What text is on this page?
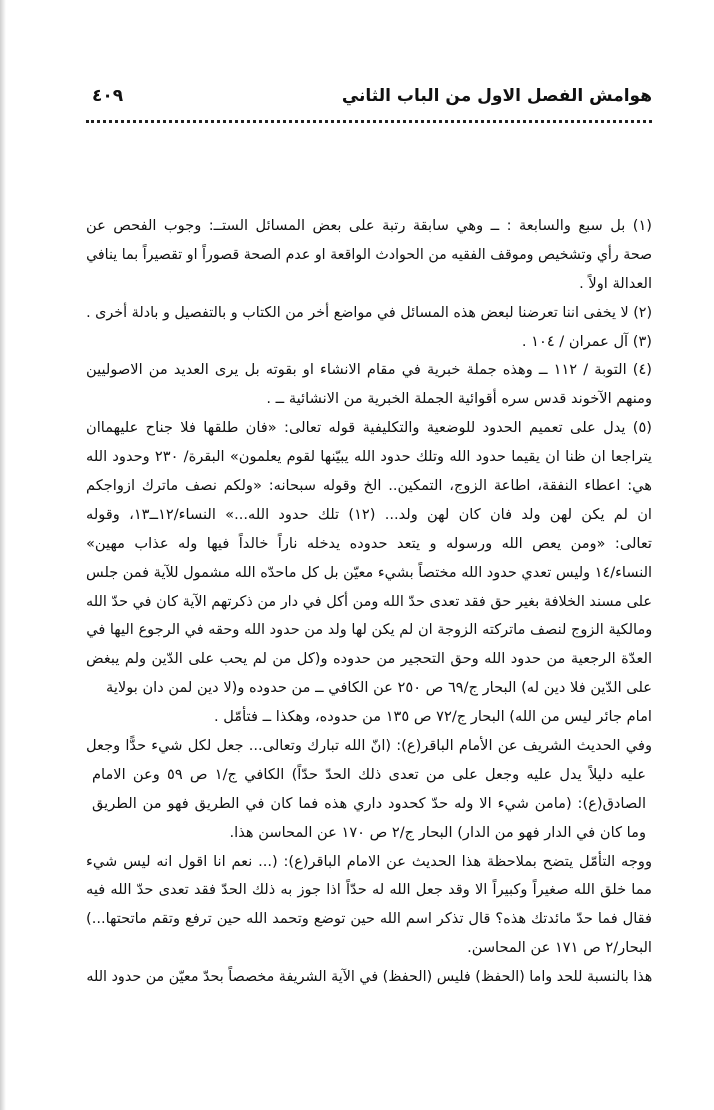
هوامش الفصل الاول من الباب الثاني
٤٠٩
(١) بل سبع والسابعة : ــ وهي سابقة رتبة على بعض المسائل الستــ: وجوب الفحص عن
صحة رأي وتشخيص وموقف الفقيه من الحوادث الواقعة او عدم الصحة قصوراً او تقصيراً بما ينافي
العدالة اولاً .
(٢) لا يخفى اننا تعرضنا لبعض هذه المسائل في مواضع أخر من الكتاب و بالتفصيل و بادلة أخرى .
(٣) آل عمران / ١٠٤ .
(٤) التوبة / ١١٢ ــ وهذه جملة خبرية في مقام الانشاء او بقوته بل يرى العديد من الاصوليين
ومنهم الآخوند قدس سره أقوائية الجملة الخبرية من الانشائية ــ .
(٥) يدل على تعميم الحدود للوضعية والتكليفية قوله تعالى: «فان طلقها فلا جناح عليهماان
يتراجعا ان ظنا ان يقيما حدود الله وتلك حدود الله يبيّنها لقوم يعلمون» البقرة/ ٢٣٠ وحدود الله
هي: اعطاء النفقة، اطاعة الزوج، التمكين.. الخ وقوله سبحانه: «ولكم نصف ماترك ازواجكم
ان لم يكن لهن ولد فان كان لهن ولد... (١٢) تلك حدود الله...» النساء/١٢ــ١٣، وقوله
تعالى: «ومن يعص الله ورسوله و يتعد حدوده يدخله ناراً خالداً فيها وله عذاب مهين»
النساء/١٤ وليس تعدي حدود الله مختصاً بشيء معيّن بل كل ماحدّه الله مشمول للآية فمن جلس
على مسند الخلافة بغير حق فقد تعدى حدّ الله ومن أكل في دار من ذكرتهم الآية كان في حدّ الله
ومالكية الزوج لنصف ماتركته الزوجة ان لم يكن لها ولد من حدود الله وحقه في الرجوع اليها في
العدّة الرجعية من حدود الله وحق التحجير من حدوده و(كل من لم يحب على الدّين ولم يبغض
على الدّين فلا دين له) البحار ج/٦٩ ص ٢٥٠ عن الكافي ــ من حدوده و(لا دين لمن دان بولاية
امام جائر ليس من الله) البحار ج/٧٢ ص ١٣٥ من حدوده، وهكذا ــ فتأمّل .
وفي الحديث الشريف عن الأمام الباقر(ع): (انّ الله تبارك وتعالى... جعل لكل شيء حدًّا وجعل
عليه دليلاً يدل عليه وجعل على من تعدى ذلك الحدّ حدّاً) الكافي ج/١ ص ٥٩ وعن الامام
الصادق(ع): (مامن شيء الا وله حدّ كحدود داري هذه فما كان في الطريق فهو من الطريق
وما كان في الدار فهو من الدار) البحار ج/٢ ص ١٧٠ عن المحاسن هذا.
ووجه التأمّل يتضح بملاحظة هذا الحديث عن الامام الباقر(ع): (... نعم انا اقول انه ليس شيء
مما خلق الله صغيراً وكبيراً الا وقد جعل الله له حدّاً اذا جوز به ذلك الحدّ فقد تعدى حدّ الله فيه
فقال فما حدّ مائدتك هذه؟ قال تذكر اسم الله حين توضع وتحمد الله حين ترفع وتقم ماتحتها...)
البحار/٢ ص ١٧١ عن المحاسن.
هذا بالنسبة للحد واما (الحفظ) فليس (الحفظ) في الآية الشريفة مخصصاً بحدّ معيّن من حدود الله
